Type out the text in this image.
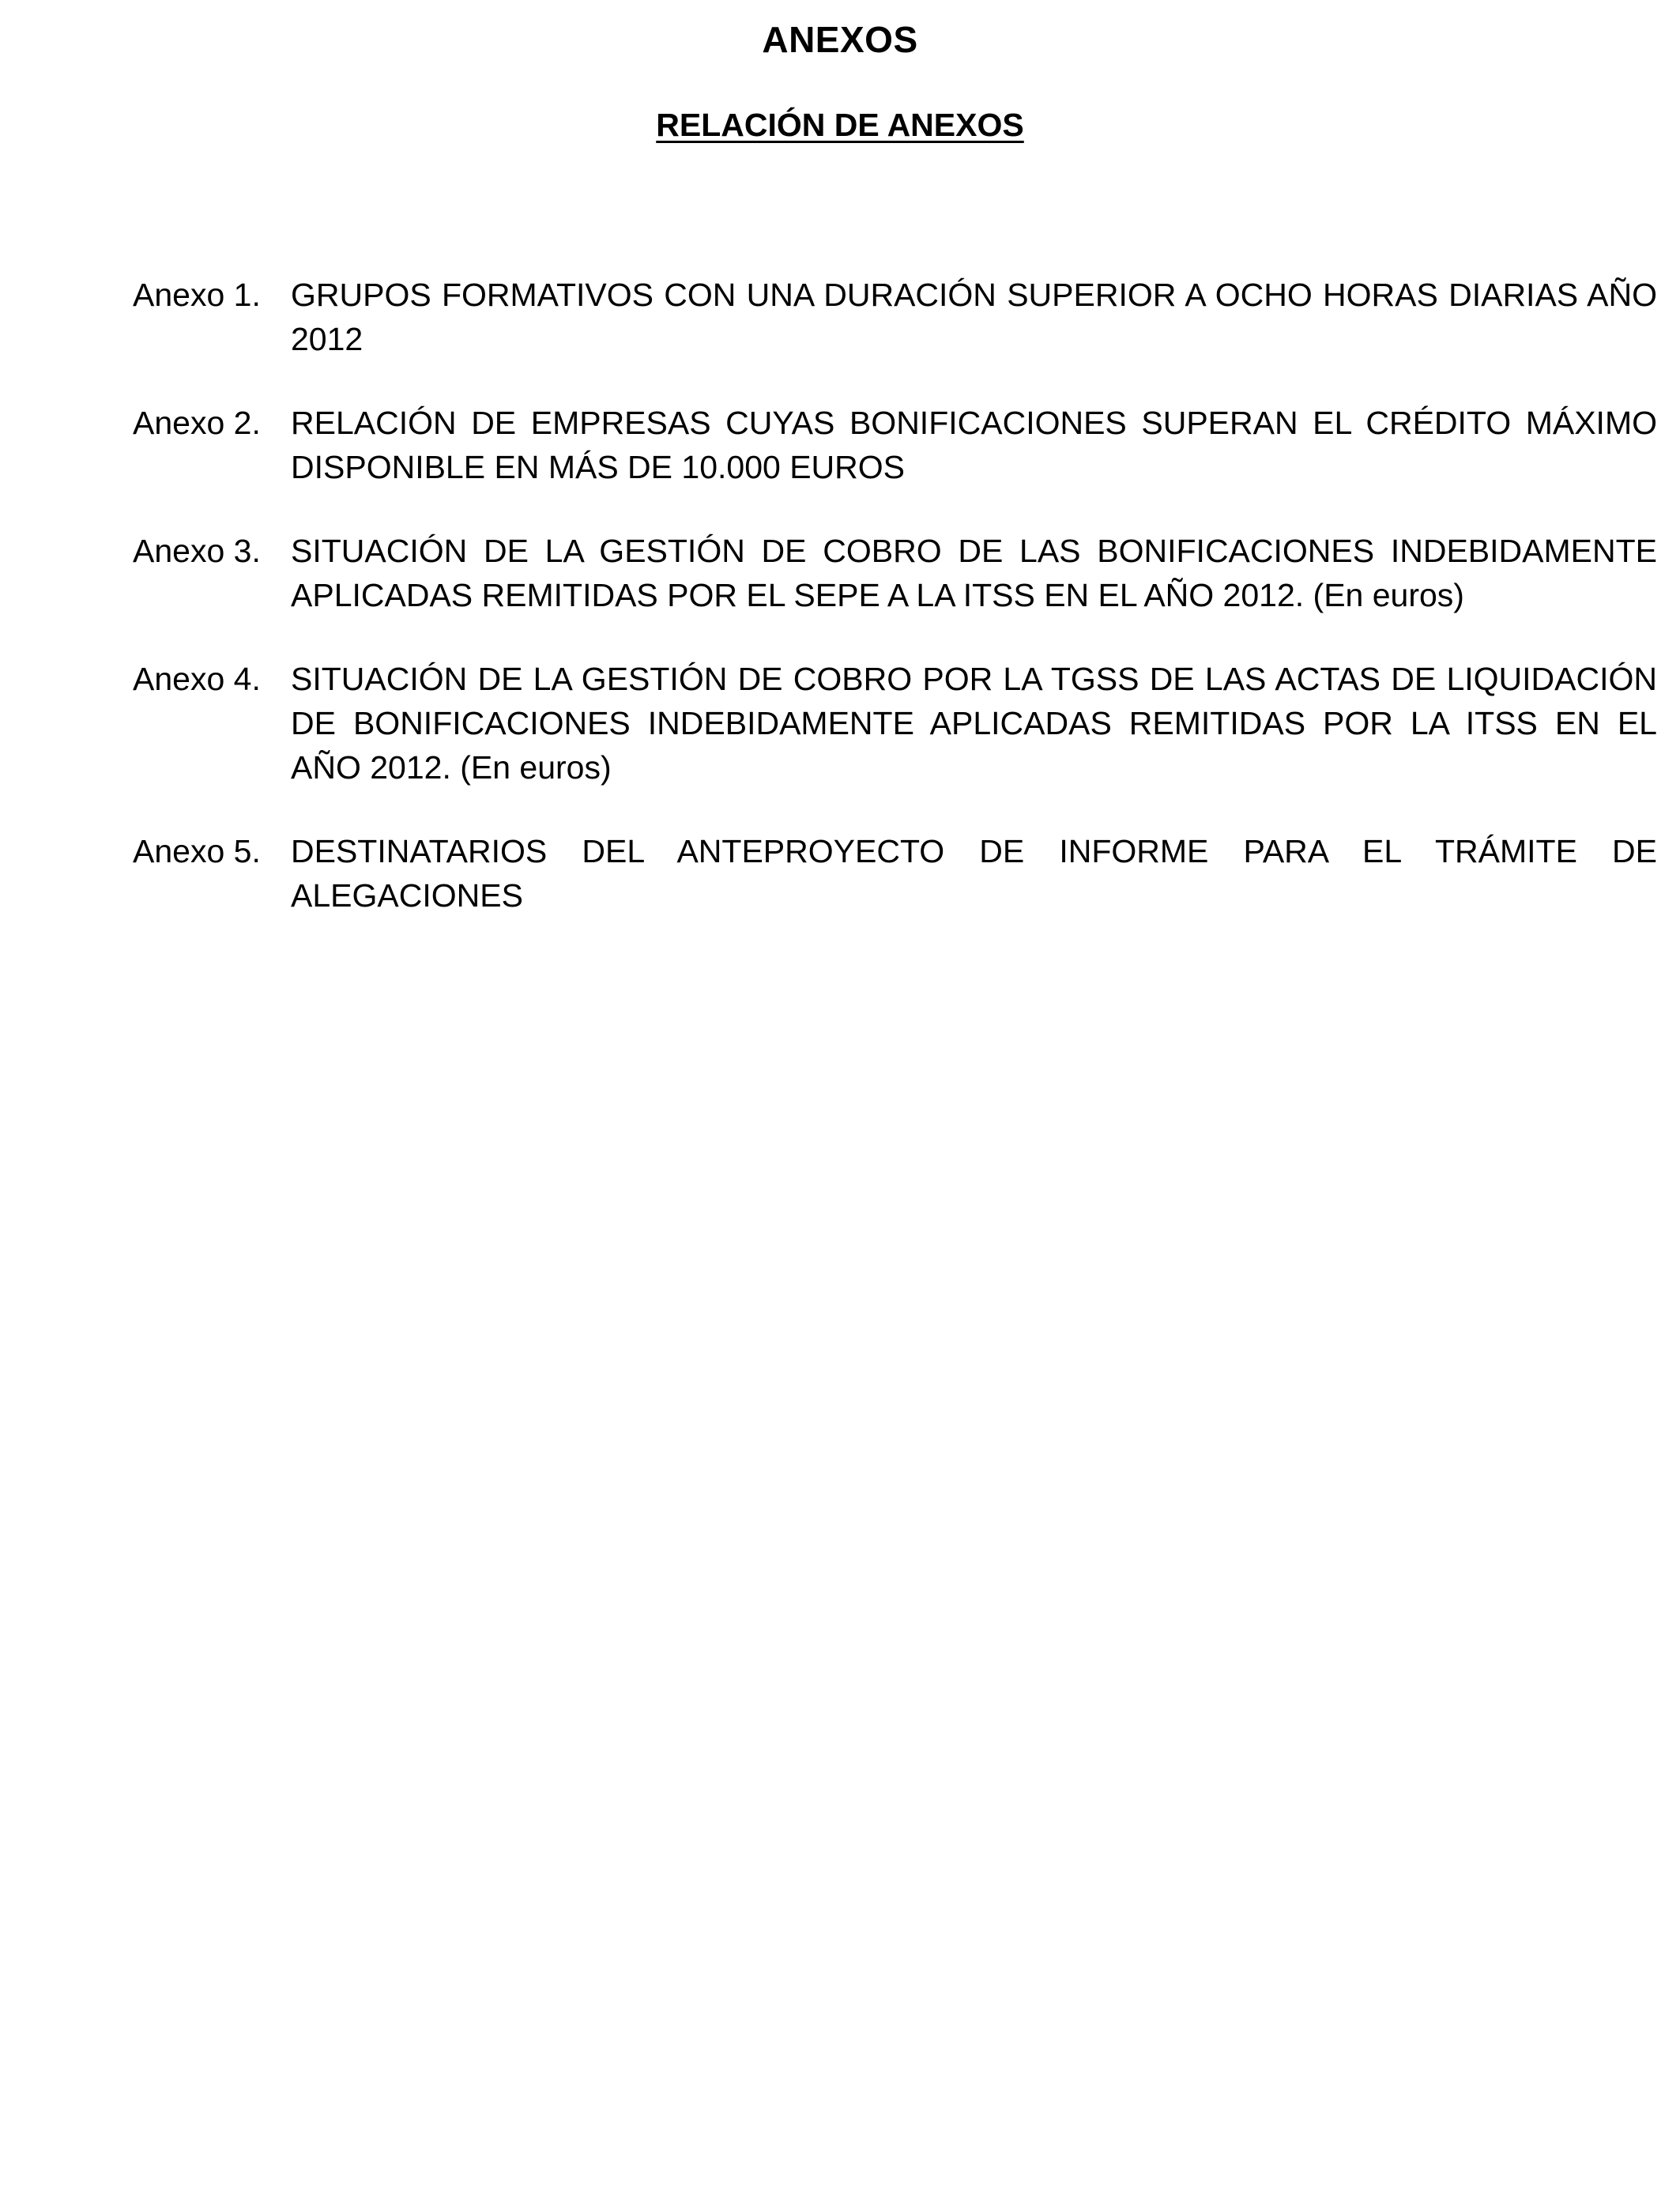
ANEXOS
RELACIÓN DE ANEXOS
Anexo 1. GRUPOS FORMATIVOS CON UNA DURACIÓN SUPERIOR A OCHO HORAS DIARIAS AÑO 2012
Anexo 2. RELACIÓN DE EMPRESAS CUYAS BONIFICACIONES SUPERAN EL CRÉDITO MÁXIMO DISPONIBLE EN MÁS DE 10.000 EUROS
Anexo 3. SITUACIÓN DE LA GESTIÓN DE COBRO DE LAS BONIFICACIONES INDEBIDAMENTE APLICADAS REMITIDAS POR EL SEPE A LA ITSS EN EL AÑO 2012. (En euros)
Anexo 4. SITUACIÓN DE LA GESTIÓN DE COBRO POR LA TGSS DE LAS ACTAS DE LIQUIDACIÓN DE BONIFICACIONES INDEBIDAMENTE APLICADAS REMITIDAS POR LA ITSS EN EL AÑO 2012. (En euros)
Anexo 5. DESTINATARIOS DEL ANTEPROYECTO DE INFORME PARA EL TRÁMITE DE ALEGACIONES
